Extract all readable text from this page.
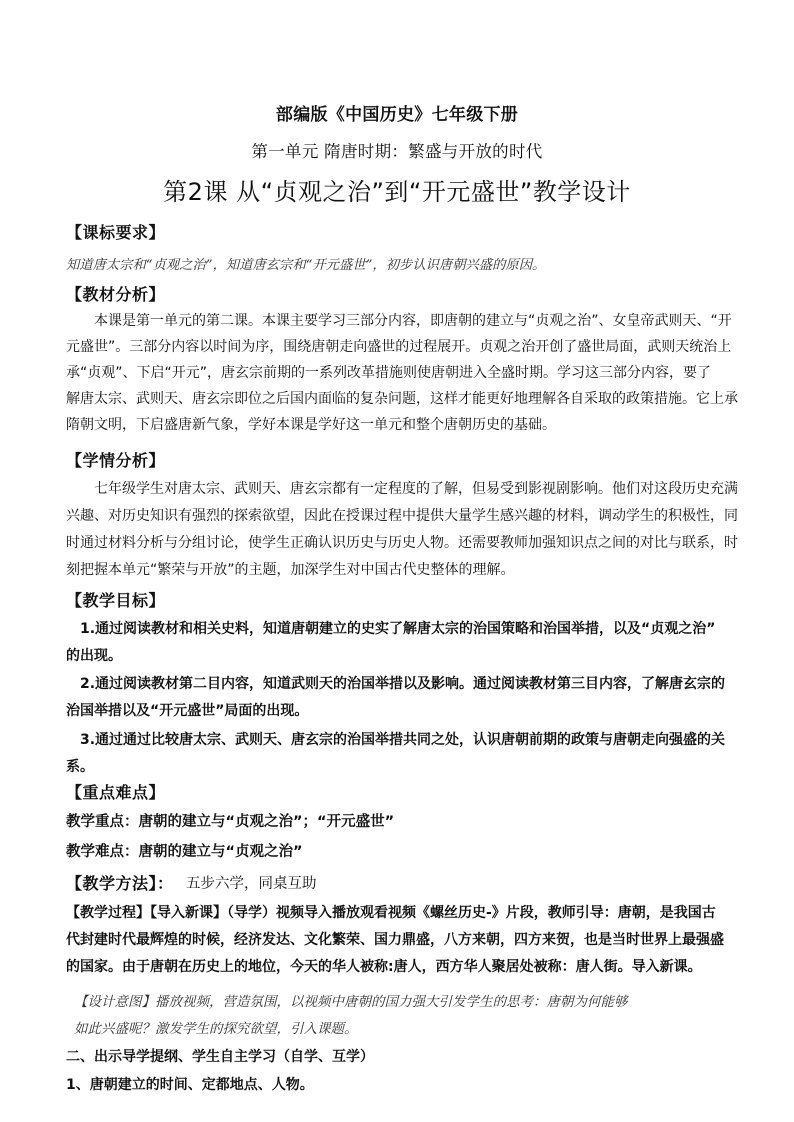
部编版《中国历史》七年级下册
第一单元 隋唐时期：繁盛与开放的时代
第2课 从“贞观之治”到“开元盛世”教学设计
【课标要求】
知道唐太宗和“贞观之治”，知道唐玄宗和“开元盛世”，初步认识唐朝兴盛的原因。
【教材分析】
本课是第一单元的第二课。本课主要学习三部分内容，即唐朝的建立与“贞观之治”、女皇帝武则天、“开
元盛世”。三部分内容以时间为序，围绕唐朝走向盛世的过程展开。贞观之治开创了盛世局面，武则天统治上
承“贞观”、下启“开元”，唐玄宗前期的一系列改革措施则使唐朝进入全盛时期。学习这三部分内容，要了
解唐太宗、武则天、唐玄宗即位之后国内面临的复杂问题，这样才能更好地理解各自采取的政策措施。它上承
隋朝文明，下启盛唐新气象，学好本课是学好这一单元和整个唐朝历史的基础。
【学情分析】
七年级学生对唐太宗、武则天、唐玄宗都有一定程度的了解，但易受到影视剧影响。他们对这段历史充满
兴趣、对历史知识有强烈的探索欲望，因此在授课过程中提供大量学生感兴趣的材料，调动学生的积极性，同
时通过材料分析与分组讨论，使学生正确认识历史与历史人物。还需要教师加强知识点之间的对比与联系，时
刻把握本单元“繁荣与开放”的主题，加深学生对中国古代史整体的理解。
【教学目标】
1.通过阅读教材和相关史料，知道唐朝建立的史实了解唐太宗的治国策略和治国举措，以及“贞观之治”
的出现。
2.通过阅读教材第二目内容，知道武则天的治国举措以及影响。通过阅读教材第三目内容，了解唐玄宗的
治国举措以及“开元盛世”局面的出现。
3.通过通过比较唐太宗、武则天、唐玄宗的治国举措共同之处，认识唐朝前期的政策与唐朝走向强盛的关
系。
【重点难点】
教学重点：唐朝的建立与“贞观之治”；“开元盛世”
教学难点：唐朝的建立与“贞观之治”
【教学方法】： 五步六学，同桌互助
【教学过程】【导入新课】（导学）视频导入播放观看视频《螺丝历史-》片段，教师引导：唐朝，是我国古
代封建时代最辉煌的时候，经济发达、文化繁荣、国力鼎盛，八方来朝，四方来贺，也是当时世界上最强盛
的国家。由于唐朝在历史上的地位，今天的华人被称:唐人，西方华人聚居处被称：唐人街。导入新课。
【设计意图】播放视频，营造氛围，以视频中唐朝的国力强大引发学生的思考：唐朝为何能够
如此兴盛呢？激发学生的探究欲望，引入课题。
二、出示导学提纲、学生自主学习（自学、互学）
1、唐朝建立的时间、定都地点、人物。
